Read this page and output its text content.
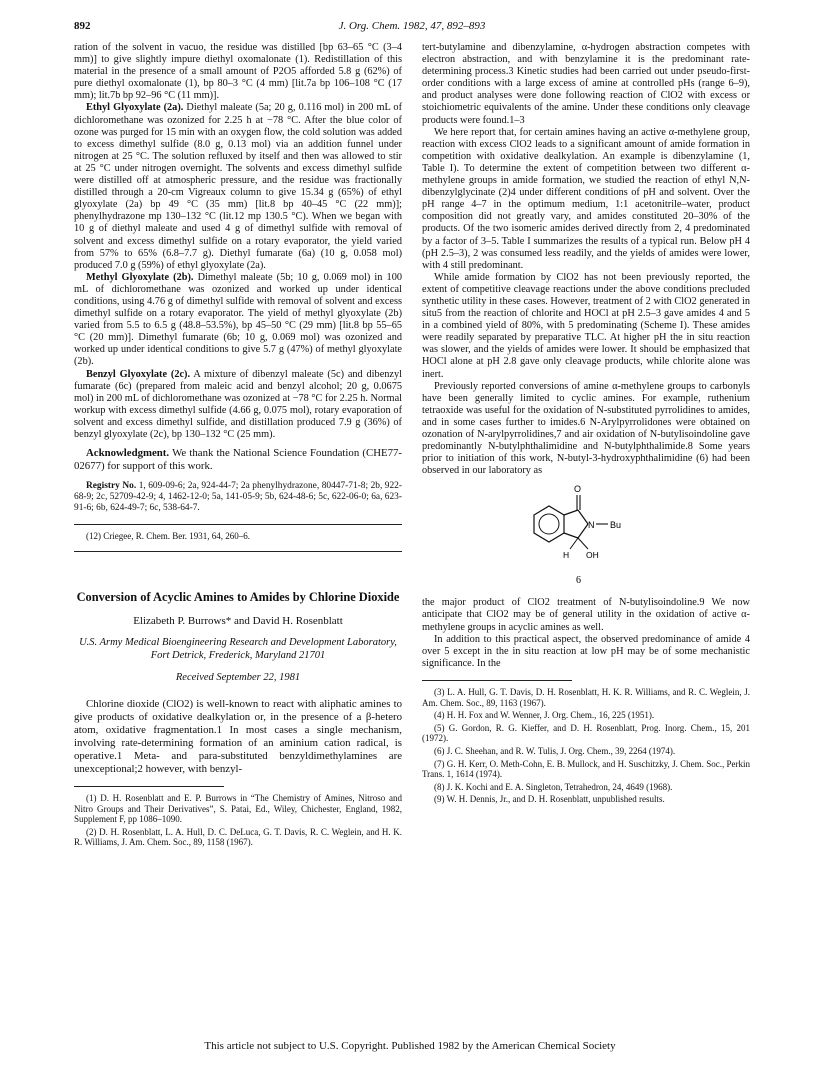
892	J. Org. Chem. 1982, 47, 892–893

ration of the solvent in vacuo, the residue was distilled [bp 63–65 °C (3–4 mm)] to give slightly impure diethyl oxomalonate (1). Redistillation of this material in the presence of a small amount of P2O5 afforded 5.8 g (62%) of pure diethyl oxomalonate (1), bp 80–3 °C (4 mm) [lit.7a bp 106–108 °C (17 mm); lit.7b bp 92–96 °C (11 mm)].

Ethyl Glyoxylate (2a). Diethyl maleate (5a; 20 g, 0.116 mol) in 200 mL of dichloromethane was ozonized for 2.25 h at −78 °C. After the blue color of ozone was purged for 15 min with an oxygen flow, the cold solution was added to excess dimethyl sulfide (8.0 g, 0.13 mol) via an addition funnel under nitrogen at 25 °C. The solution refluxed by itself and then was allowed to stir at 25 °C under nitrogen overnight. The solvents and excess dimethyl sulfide were distilled off at atmospheric pressure, and the residue was fractionally distilled through a 20-cm Vigreaux column to give 15.34 g (65%) of ethyl glyoxylate (2a) bp 49 °C (35 mm) [lit.8 bp 40–45 °C (22 mm)]; phenylhydrazone mp 130–132 °C (lit.12 mp 130.5 °C). When we began with 10 g of diethyl maleate and used 4 g of dimethyl sulfide with removal of solvent and excess dimethyl sulfide on a rotary evaporator, the yield varied from 57% to 65% (6.8–7.7 g). Diethyl fumarate (6a) (10 g, 0.058 mol) produced 7.0 g (59%) of ethyl glyoxylate (2a).

Methyl Glyoxylate (2b). Dimethyl maleate (5b; 10 g, 0.069 mol) in 100 mL of dichloromethane was ozonized and worked up under identical conditions, using 4.76 g of dimethyl sulfide with removal of solvent and excess dimethyl sulfide on a rotary evaporator. The yield of methyl glyoxylate (2b) varied from 5.5 to 6.5 g (48.8–53.5%), bp 45–50 °C (29 mm) [lit.8 bp 55–65 °C (20 mm)]. Dimethyl fumarate (6b; 10 g, 0.069 mol) was ozonized and worked up under identical conditions to give 5.7 g (47%) of methyl glyoxylate (2b).

Benzyl Glyoxylate (2c). A mixture of dibenzyl maleate (5c) and dibenzyl fumarate (6c) (prepared from maleic acid and benzyl alcohol; 20 g, 0.0675 mol) in 200 mL of dichloromethane was ozonized at −78 °C for 2.25 h. Normal workup with excess dimethyl sulfide (4.66 g, 0.075 mol), rotary evaporation of solvent and excess dimethyl sulfide, and distillation produced 7.9 g (36%) of benzyl glyoxylate (2c), bp 130–132 °C (25 mm).

Acknowledgment. We thank the National Science Foundation (CHE77-02677) for support of this work.

Registry No. 1, 609-09-6; 2a, 924-44-7; 2a phenylhydrazone, 80447-71-8; 2b, 922-68-9; 2c, 52709-42-9; 4, 1462-12-0; 5a, 141-05-9; 5b, 624-48-6; 5c, 622-06-0; 6a, 623-91-6; 6b, 624-49-7; 6c, 538-64-7.

(12) Criegee, R. Chem. Ber. 1931, 64, 260–6.

Conversion of Acyclic Amines to Amides by Chlorine Dioxide
Elizabeth P. Burrows* and David H. Rosenblatt
U.S. Army Medical Bioengineering Research and Development Laboratory, Fort Detrick, Frederick, Maryland 21701
Received September 22, 1981

Chlorine dioxide (ClO2) is well-known to react with aliphatic amines to give products of oxidative dealkylation or, in the presence of a β-hetero atom, oxidative fragmentation.1 In most cases a single mechanism, involving rate-determining formation of an aminium cation radical, is operative.1 Meta- and para-substituted benzyldimethylamines are unexceptional;2 however, with benzyl-

(1) D. H. Rosenblatt and E. P. Burrows in “The Chemistry of Amines, Nitroso and Nitro Groups and Their Derivatives”, S. Patai, Ed., Wiley, Chichester, England, 1982, Supplement F, pp 1086–1090.

(2) D. H. Rosenblatt, L. A. Hull, D. C. DeLuca, G. T. Davis, R. C. Weglein, and H. K. R. Williams, J. Am. Chem. Soc., 89, 1158 (1967).

tert-butylamine and dibenzylamine, α-hydrogen abstraction competes with electron abstraction, and with benzylamine it is the predominant rate-determining process.3 Kinetic studies had been carried out under pseudo-first-order conditions with a large excess of amine at controlled pHs (range 6–9), and product analyses were done following reaction of ClO2 with excess or stoichiometric equivalents of the amine. Under these conditions only cleavage products were found.1–3

We here report that, for certain amines having an active α-methylene group, reaction with excess ClO2 leads to a significant amount of amide formation in competition with oxidative dealkylation. An example is dibenzylamine (1, Table I). To determine the extent of competition between two different α-methylene groups in amide formation, we studied the reaction of ethyl N,N-dibenzylglycinate (2)4 under different conditions of pH and solvent. Over the pH range 4–7 in the optimum medium, 1:1 acetonitrile–water, product composition did not greatly vary, and amides constituted 20–30% of the products. Of the two isomeric amides derived directly from 2, 4 predominated by a factor of 3–5. Table I summarizes the results of a typical run. Below pH 4 (pH 2.5–3), 2 was consumed less readily, and the yields of amides were lower, with 4 still predominant.

While amide formation by ClO2 has not been previously reported, the extent of competitive cleavage reactions under the above conditions precluded synthetic utility in these cases. However, treatment of 2 with ClO2 generated in situ5 from the reaction of chlorite and HOCl at pH 2.5–3 gave amides 4 and 5 in a combined yield of 80%, with 5 predominating (Scheme I). These amides were readily separated by preparative TLC. At higher pH the in situ reaction was slower, and the yields of amides were lower. It should be emphasized that HOCl alone at pH 2.8 gave only cleavage products, while chlorite alone was inert.

Previously reported conversions of amine α-methylene groups to carbonyls have been generally limited to cyclic amines. For example, ruthenium tetraoxide was useful for the oxidation of N-substituted pyrrolidines to amides, and in some cases further to imides.6 N-Arylpyrrolidones were obtained on ozonation of N-arylpyrrolidines,7 and air oxidation of N-butylisoindoline gave predominantly N-butylphthalimidine and N-butylphthalimide.8 Some years prior to initiation of this work, N-butyl-3-hydroxyphthalimidine (6) had been observed in our laboratory as

O
N Bu
H OH
6

the major product of ClO2 treatment of N-butylisoindoline.9 We now anticipate that ClO2 may be of general utility in the oxidation of active α-methylene groups in acyclic amines as well.

In addition to this practical aspect, the observed predominance of amide 4 over 5 except in the in situ reaction at low pH may be of some mechanistic significance. In the

(3) L. A. Hull, G. T. Davis, D. H. Rosenblatt, H. K. R. Williams, and R. C. Weglein, J. Am. Chem. Soc., 89, 1163 (1967).

(4) H. H. Fox and W. Wenner, J. Org. Chem., 16, 225 (1951).

(5) G. Gordon, R. G. Kieffer, and D. H. Rosenblatt, Prog. Inorg. Chem., 15, 201 (1972).

(6) J. C. Sheehan, and R. W. Tulis, J. Org. Chem., 39, 2264 (1974).

(7) G. H. Kerr, O. Meth-Cohn, E. B. Mullock, and H. Suschitzky, J. Chem. Soc., Perkin Trans. 1, 1614 (1974).

(8) J. K. Kochi and E. A. Singleton, Tetrahedron, 24, 4649 (1968).

(9) W. H. Dennis, Jr., and D. H. Rosenblatt, unpublished results.

This article not subject to U.S. Copyright. Published 1982 by the American Chemical Society
